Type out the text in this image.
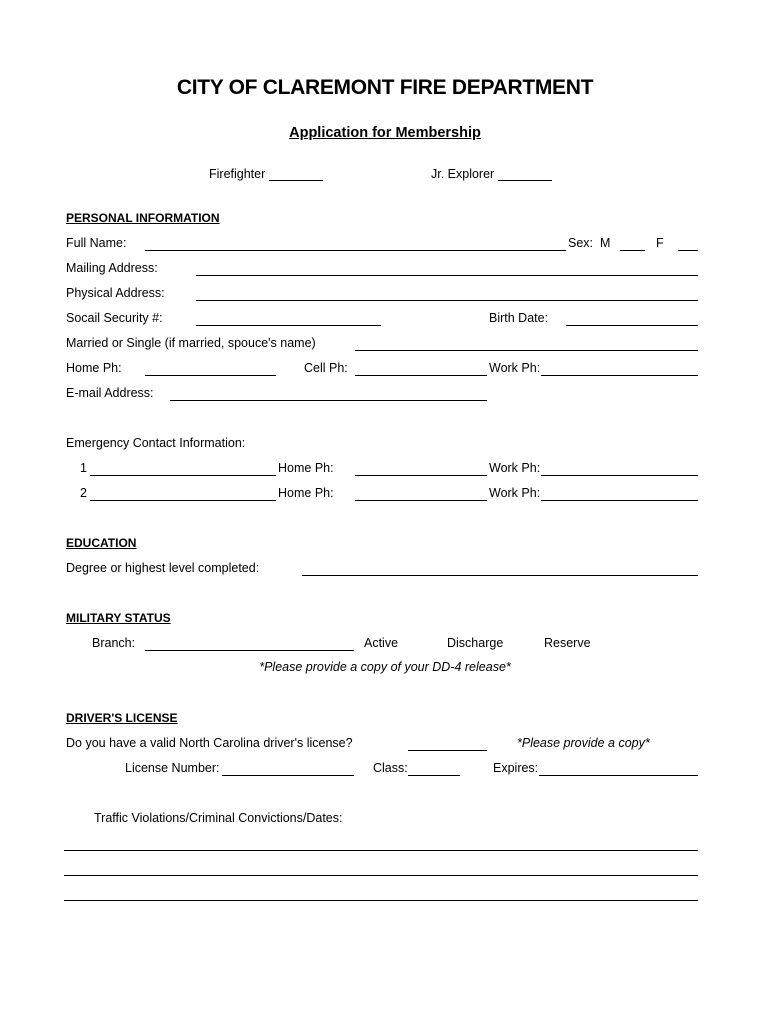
CITY OF CLAREMONT FIRE DEPARTMENT
Application for Membership
Firefighter	Jr. Explorer
PERSONAL INFORMATION
Full Name:	Sex: M	F
Mailing Address:
Physical Address:
Socail Security #:	Birth Date:
Married or Single (if married, spouce's name)
Home Ph:	Cell Ph:	Work Ph:
E-mail Address:
Emergency Contact Information:
1	Home Ph:	Work Ph:
2	Home Ph:	Work Ph:
EDUCATION
Degree or highest level completed:
MILITARY STATUS
Branch:	Active	Discharge	Reserve
*Please provide a copy of your DD-4 release*
DRIVER'S LICENSE
Do you have a valid North Carolina driver's license?	*Please provide a copy*
License Number:	Class:	Expires:
Traffic Violations/Criminal Convictions/Dates:
